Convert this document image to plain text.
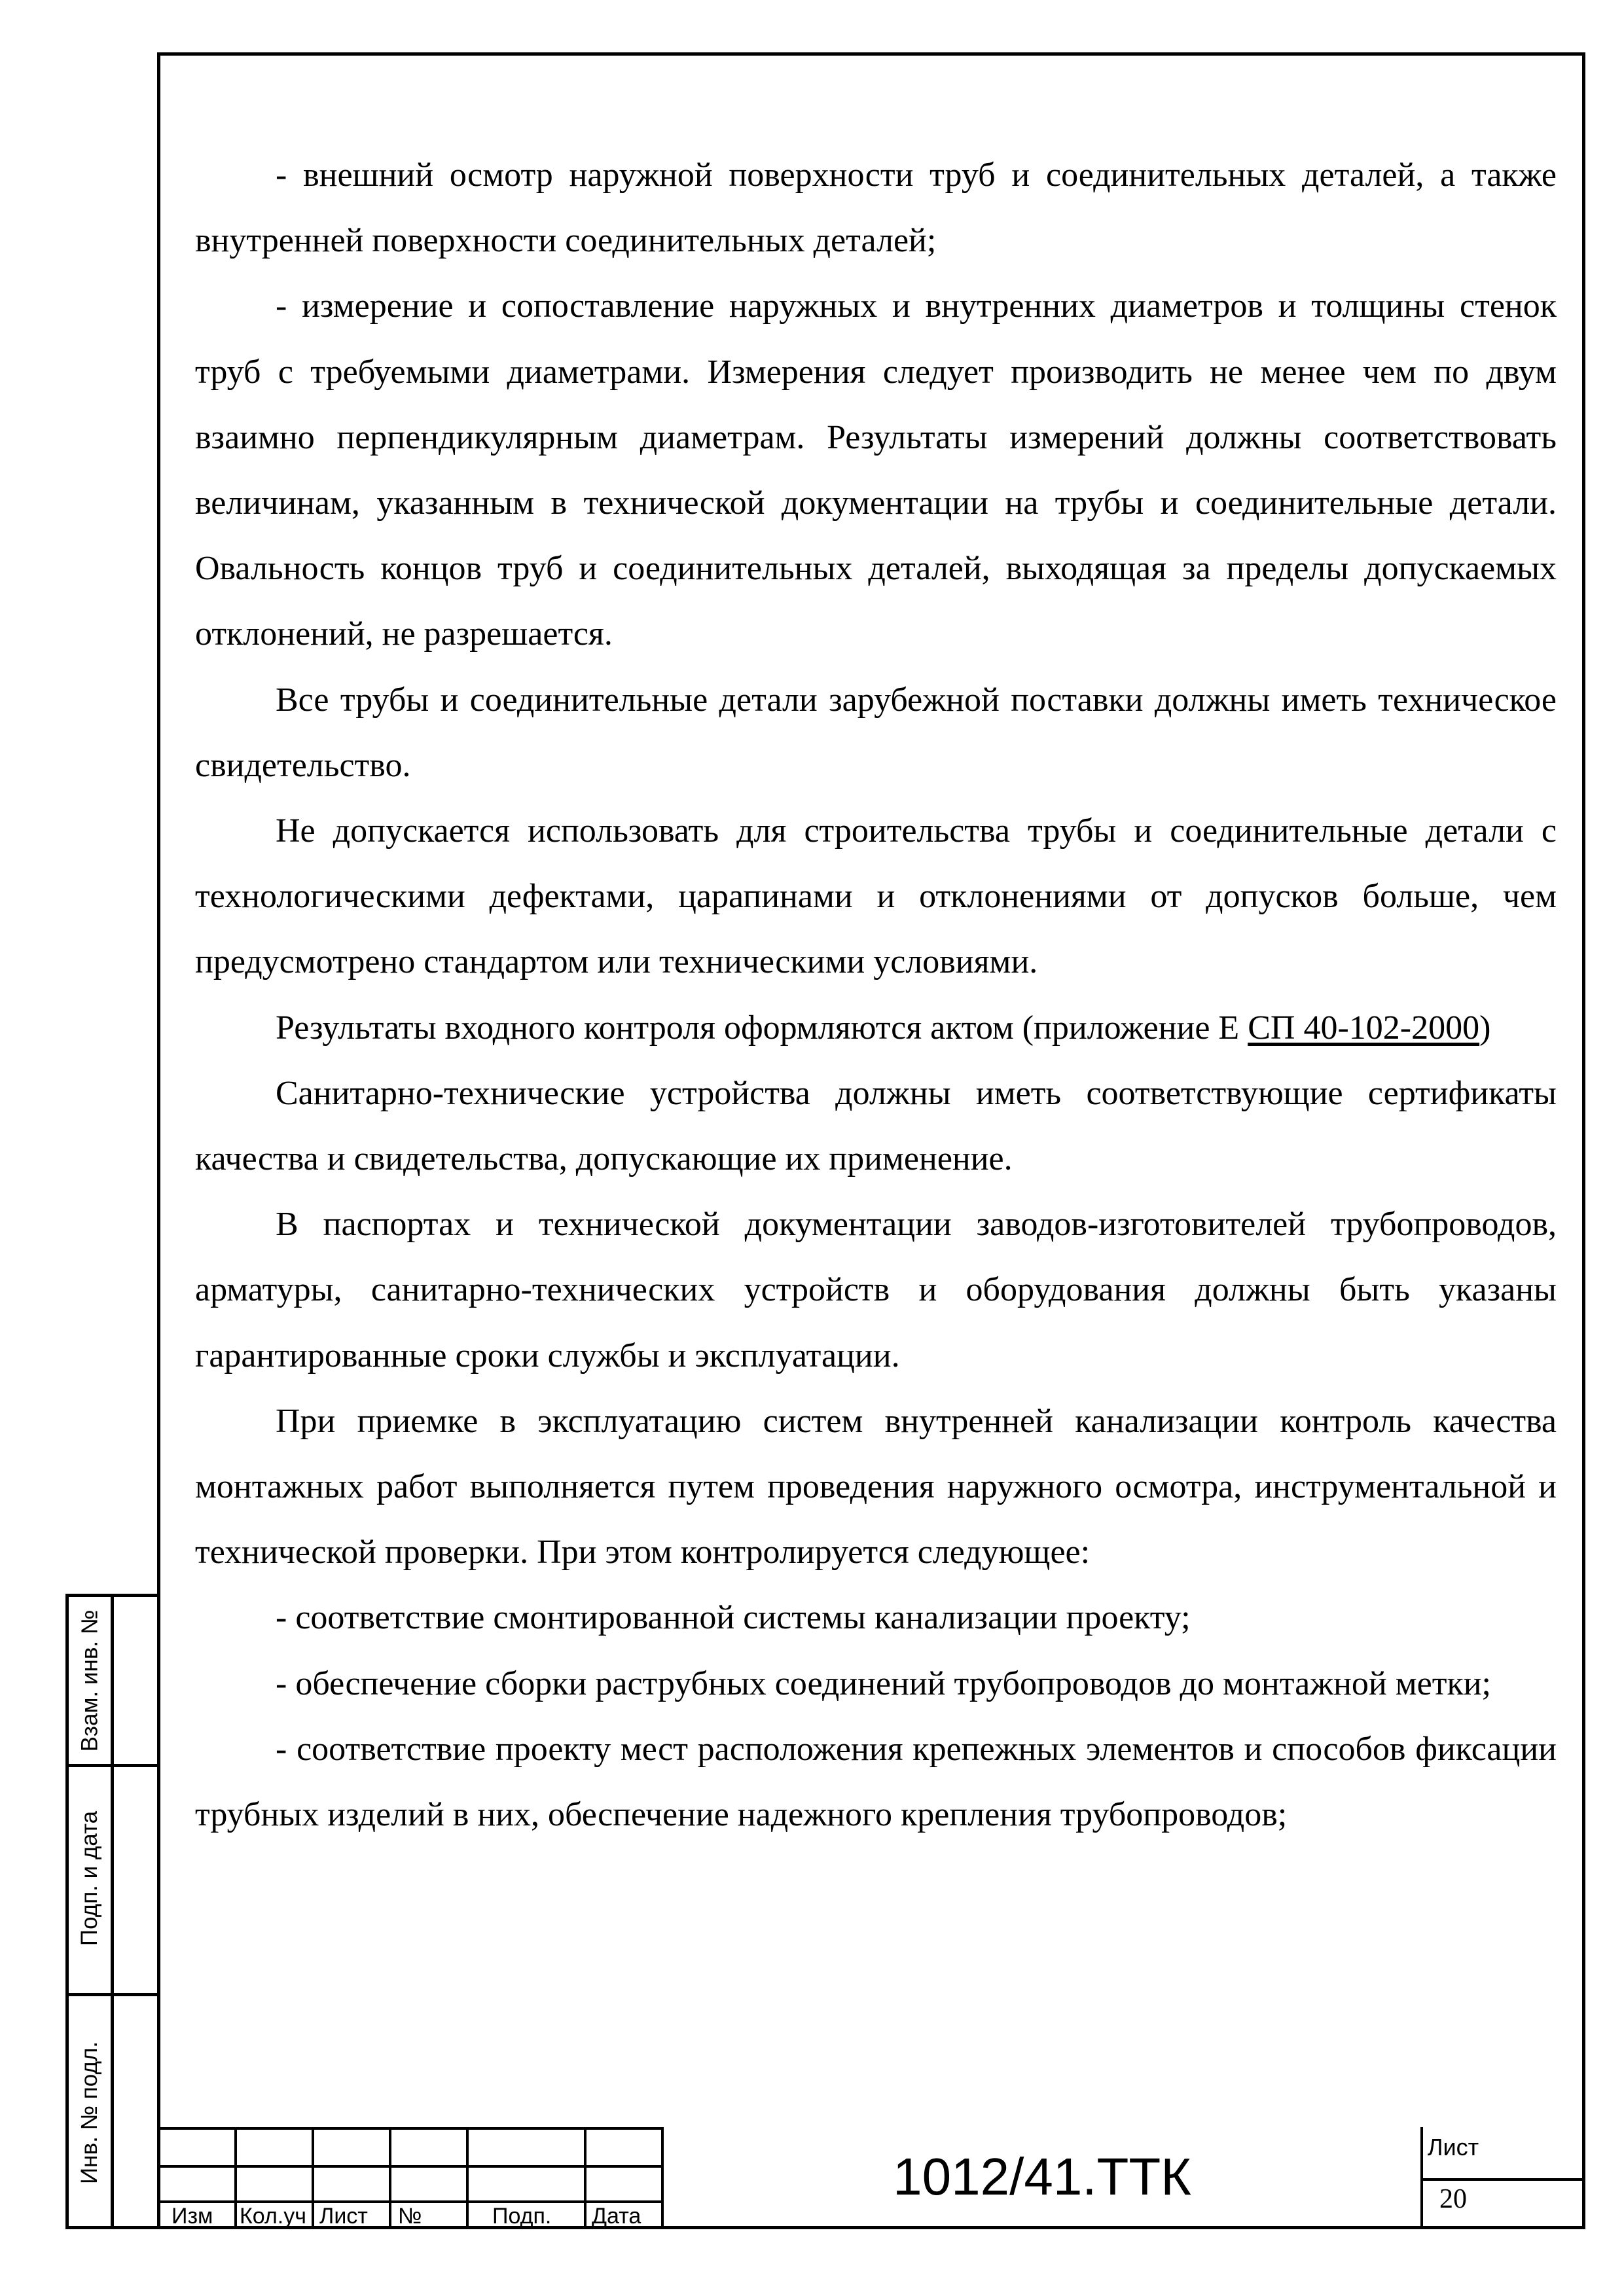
- внешний осмотр наружной поверхности труб и соединительных деталей, а также внутренней поверхности соединительных деталей;

- измерение и сопоставление наружных и внутренних диаметров и толщины стенок труб с требуемыми диаметрами. Измерения следует производить не менее чем по двум взаимно перпендикулярным диаметрам. Результаты измерений должны соответствовать величинам, указанным в технической документации на трубы и соединительные детали. Овальность концов труб и соединительных деталей, выходящая за пределы допускаемых отклонений, не разрешается.

Все трубы и соединительные детали зарубежной поставки должны иметь техническое свидетельство.

Не допускается использовать для строительства трубы и соединительные детали с технологическими дефектами, царапинами и отклонениями от допусков больше, чем предусмотрено стандартом или техническими условиями.

Результаты входного контроля оформляются актом (приложение Е СП 40-102-2000)

Санитарно-технические устройства должны иметь соответствующие сертификаты качества и свидетельства, допускающие их применение.

В паспортах и технической документации заводов-изготовителей трубопроводов, арматуры, санитарно-технических устройств и оборудования должны быть указаны гарантированные сроки службы и эксплуатации.

При приемке в эксплуатацию систем внутренней канализации контроль качества монтажных работ выполняется путем проведения наружного осмотра, инструментальной и технической проверки. При этом контролируется следующее:

- соответствие смонтированной системы канализации проекту;

- обеспечение сборки раструбных соединений трубопроводов до монтажной метки;

- соответствие проекту мест расположения крепежных элементов и способов фиксации трубных изделий в них, обеспечение надежного крепления трубопроводов;

Взам. инв. №
Подп. и дата
Инв. № подл.
Изм Кол.уч Лист №	Подп. Дата
1012/41.ТТК
Лист
20
